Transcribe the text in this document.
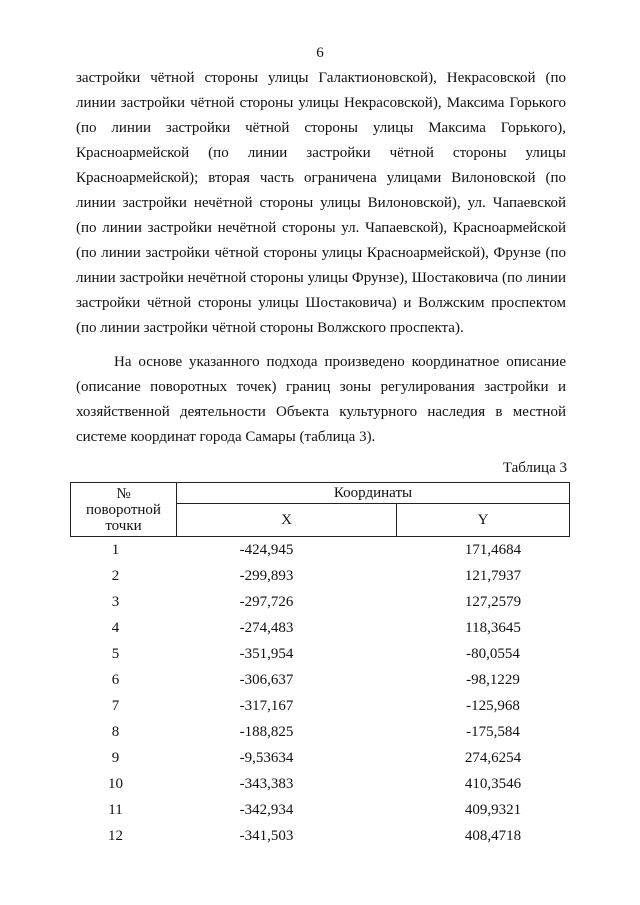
6

застройки чётной стороны улицы Галактионовской), Некрасовской (по линии застройки чётной стороны улицы Некрасовской), Максима Горького (по линии застройки чётной стороны улицы Максима Горького), Красноармейской (по линии застройки чётной стороны улицы Красноармейской); вторая часть ограничена улицами Вилоновской (по линии застройки нечётной стороны улицы Вилоновской), ул. Чапаевской (по линии застройки нечётной стороны ул. Чапаевской), Красноармейской (по линии застройки чётной стороны улицы Красноармейской), Фрунзе (по линии застройки нечётной стороны улицы Фрунзе), Шостаковича (по линии застройки чётной стороны улицы Шостаковича) и Волжским проспектом (по линии застройки чётной стороны Волжского проспекта).

На основе указанного подхода произведено координатное описание (описание поворотных точек) границ зоны регулирования застройки и хозяйственной деятельности Объекта культурного наследия в местной системе координат города Самары (таблица 3).

Таблица 3
№
поворотной
точки	Координаты	
	X	Y
1	-424,945	171,4684
2	-299,893	121,7937
3	-297,726	127,2579
4	-274,483	118,3645
5	-351,954	-80,0554
6	-306,637	-98,1229
7	-317,167	-125,968
8	-188,825	-175,584
9	-9,53634	274,6254
10	-343,383	410,3546
11	-342,934	409,9321
12	-341,503	408,4718
